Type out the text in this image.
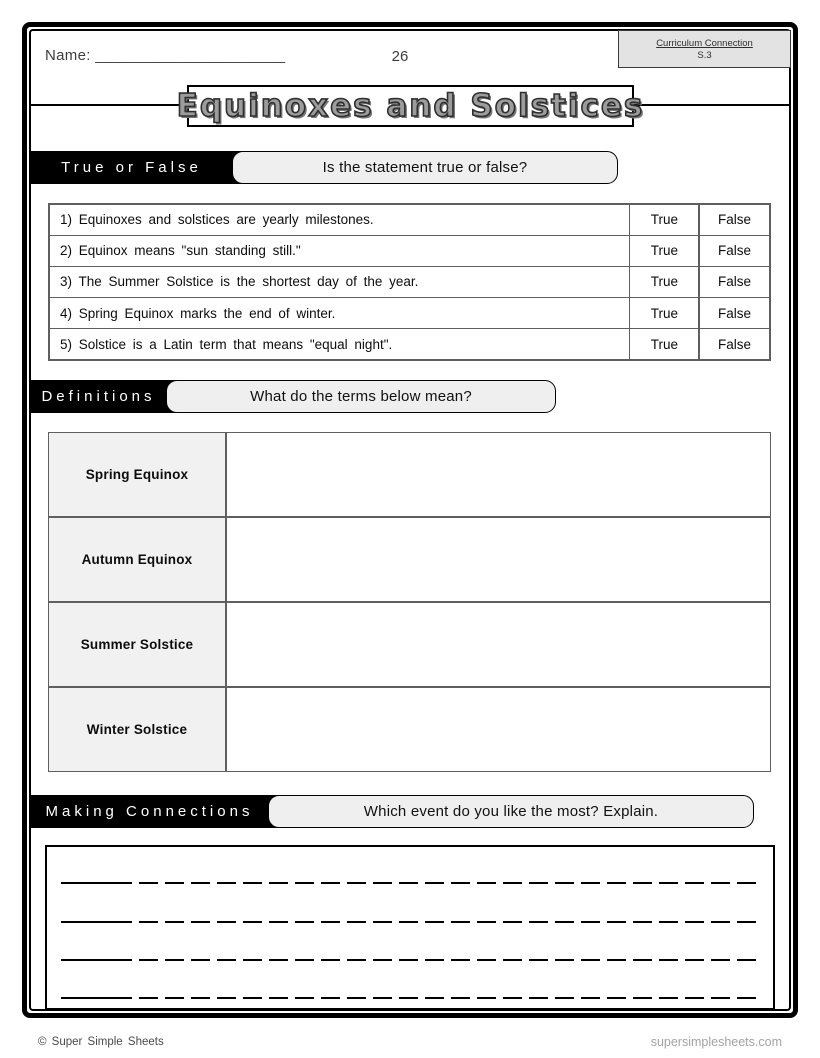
Name: ______________________	26
Curriculum Connection
S.3
Equinoxes and Solstices
True or False	Is the statement true or false?
1) Equinoxes and solstices are yearly milestones.	True	False
2) Equinox means "sun standing still."	True	False
3) The Summer Solstice is the shortest day of the year.	True	False
4) Spring Equinox marks the end of winter.	True	False
5) Solstice is a Latin term that means "equal night".	True	False
Definitions	What do the terms below mean?
Spring Equinox
Autumn Equinox
Summer Solstice
Winter Solstice
Making Connections	Which event do you like the most? Explain.
© Super Simple Sheets	supersimplesheets.com
